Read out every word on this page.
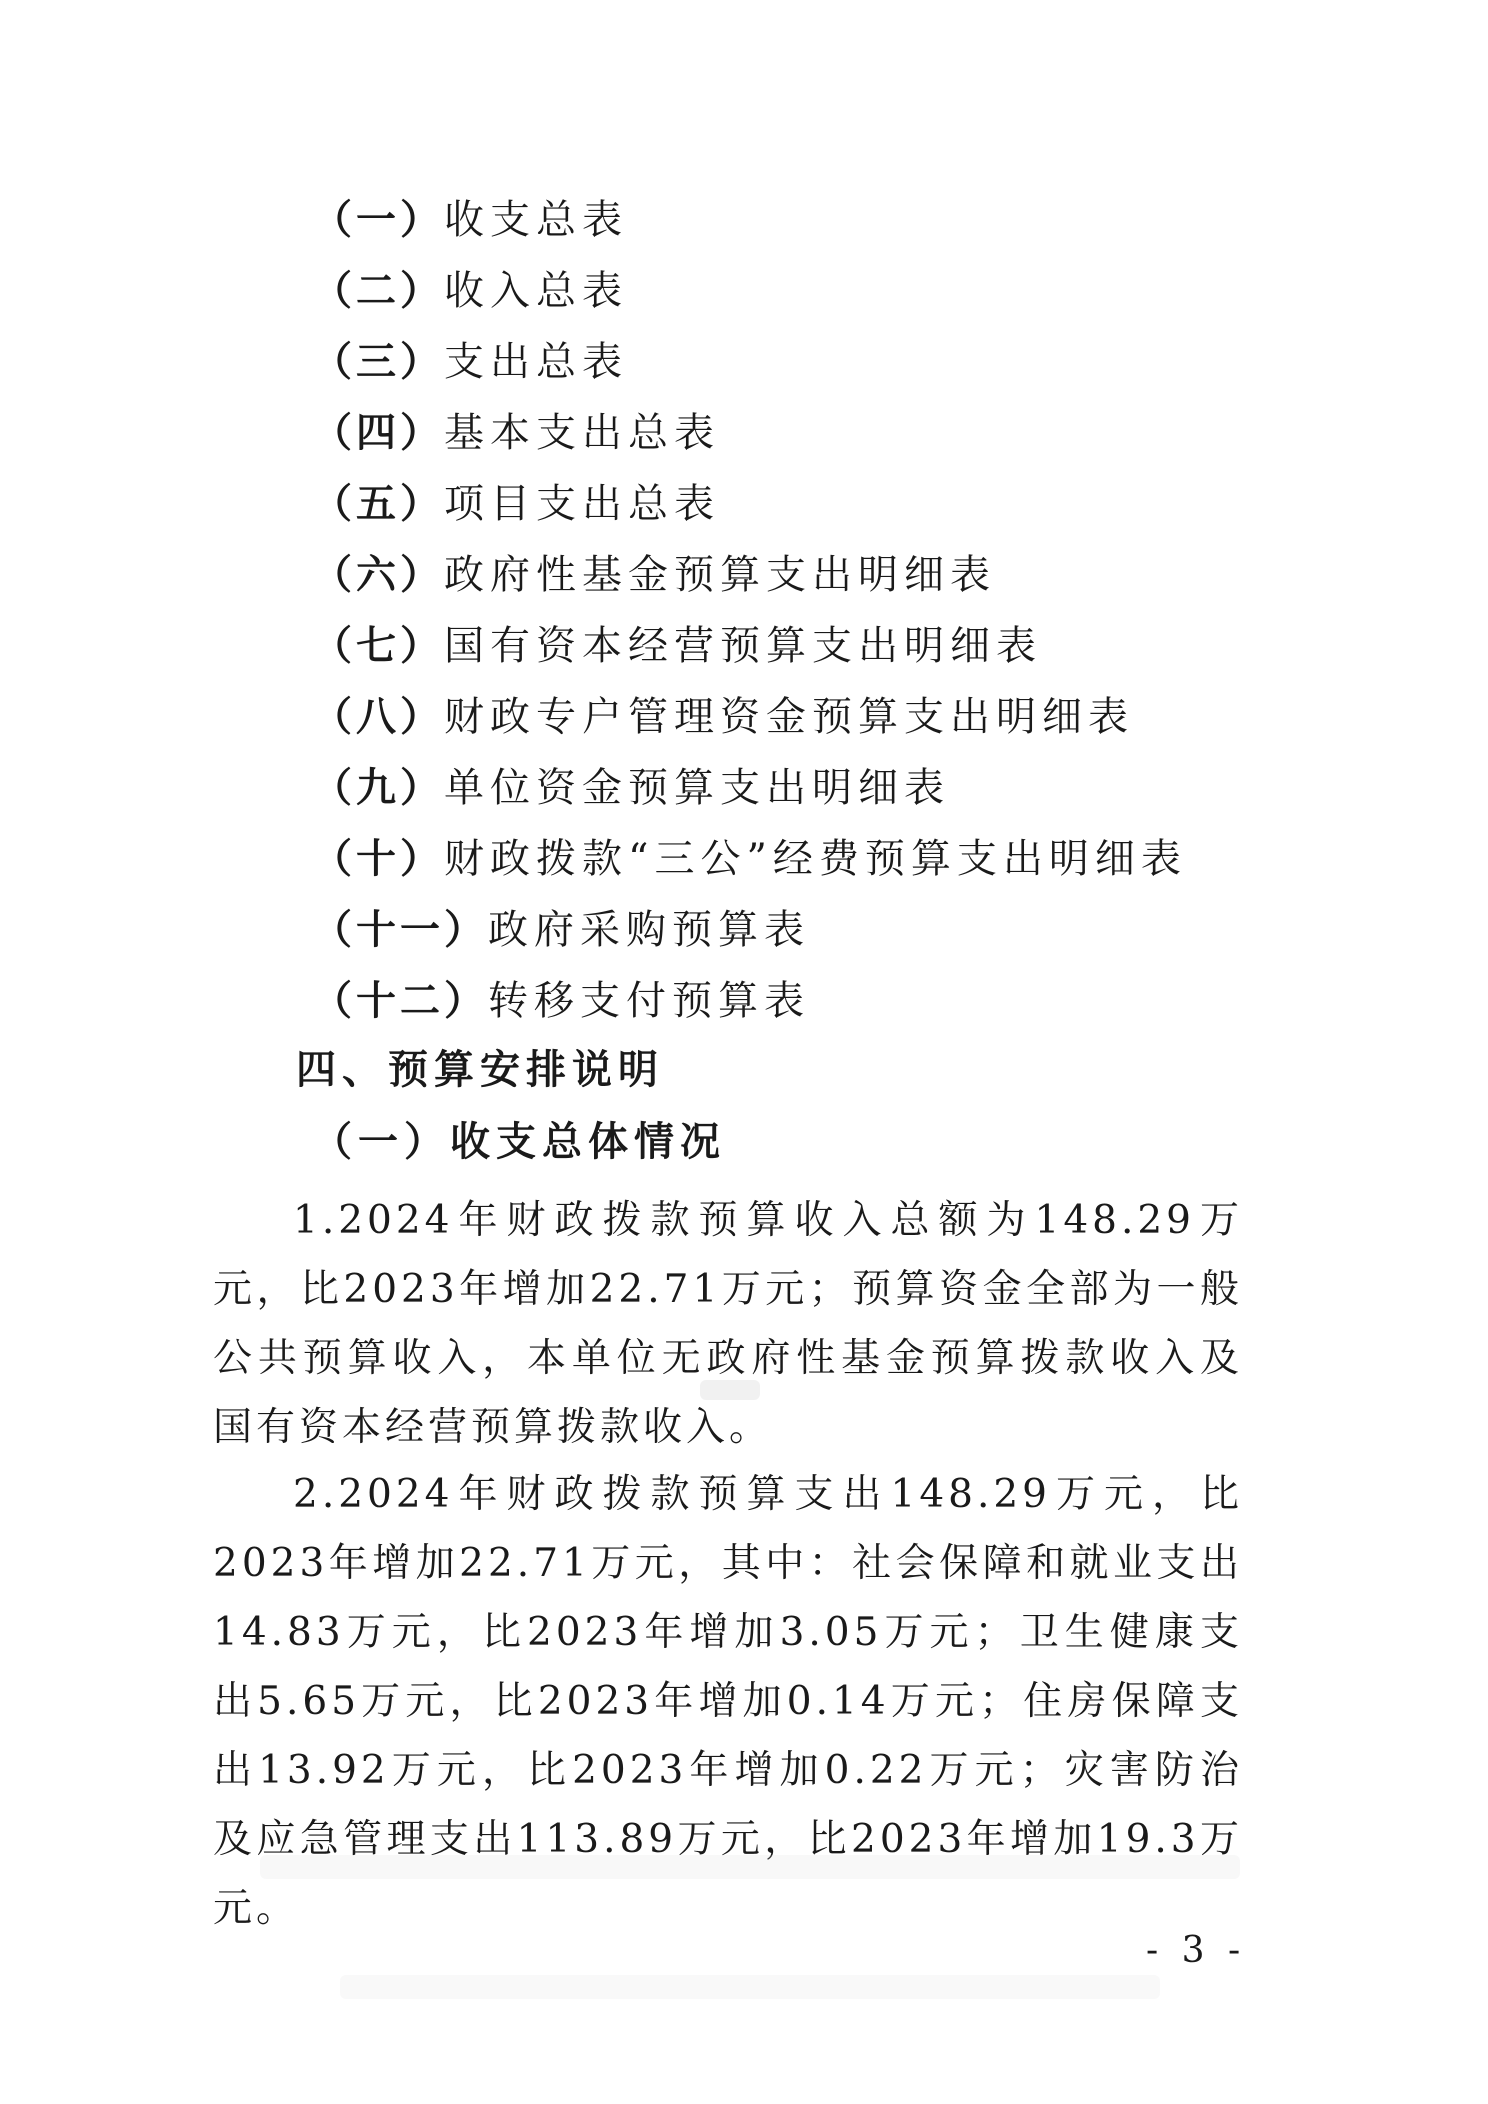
（一）收支总表
（二）收入总表
（三）支出总表
（四）基本支出总表
（五）项目支出总表
（六）政府性基金预算支出明细表
（七）国有资本经营预算支出明细表
（八）财政专户管理资金预算支出明细表
（九）单位资金预算支出明细表
（十）财政拨款“三公”经费预算支出明细表
（十一）政府采购预算表
（十二）转移支付预算表
四、预算安排说明
（一）收支总体情况

1.2024年财政拨款预算收入总额为148.29万元，比2023年增加22.71万元；预算资金全部为一般公共预算收入，本单位无政府性基金预算拨款收入及国有资本经营预算拨款收入。

2.2024年财政拨款预算支出148.29万元，比2023年增加22.71万元，其中：社会保障和就业支出14.83万元，比2023年增加3.05万元；卫生健康支出5.65万元，比2023年增加0.14万元；住房保障支出13.92万元，比2023年增加0.22万元；灾害防治及应急管理支出113.89万元，比2023年增加19.3万元。

- 3 -
